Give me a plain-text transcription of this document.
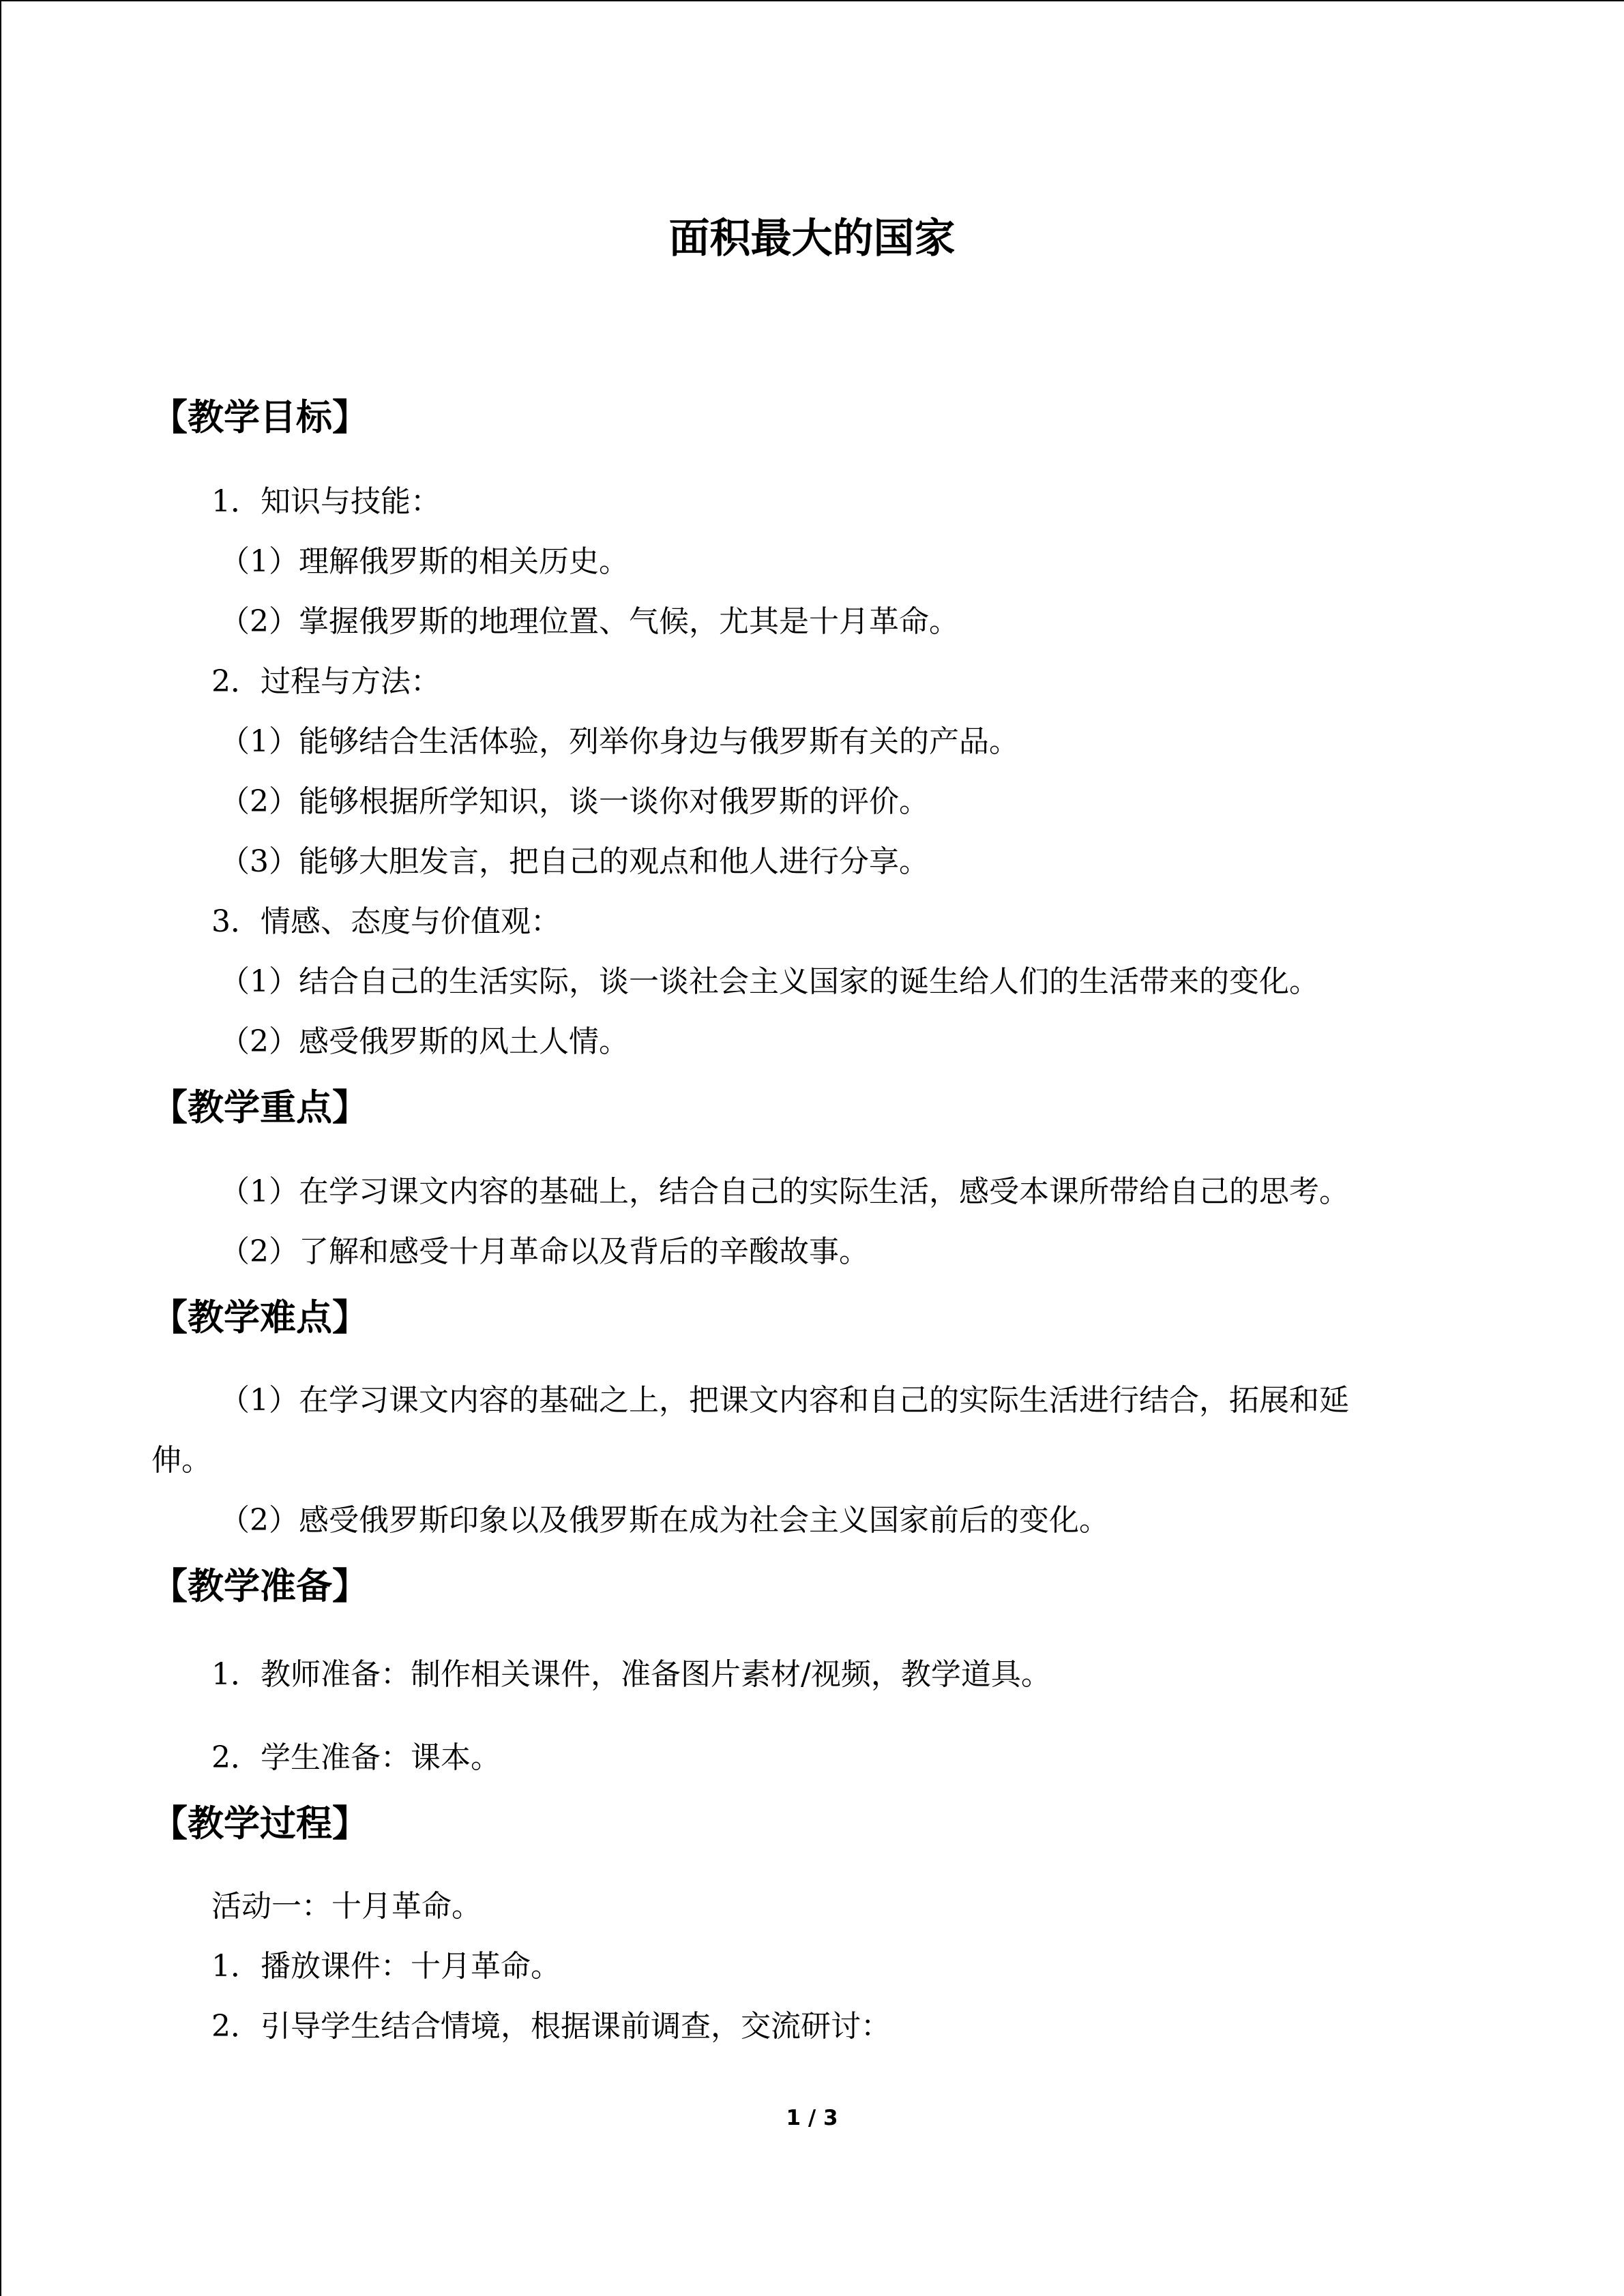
面积最大的国家
【教学目标】
1．知识与技能：
（1）理解俄罗斯的相关历史。
（2）掌握俄罗斯的地理位置、气候，尤其是十月革命。
2．过程与方法：
（1）能够结合生活体验，列举你身边与俄罗斯有关的产品。
（2）能够根据所学知识，谈一谈你对俄罗斯的评价。
（3）能够大胆发言，把自己的观点和他人进行分享。
3．情感、态度与价值观：
（1）结合自己的生活实际，谈一谈社会主义国家的诞生给人们的生活带来的变化。
（2）感受俄罗斯的风土人情。
【教学重点】
（1）在学习课文内容的基础上，结合自己的实际生活，感受本课所带给自己的思考。
（2）了解和感受十月革命以及背后的辛酸故事。
【教学难点】
（1）在学习课文内容的基础之上，把课文内容和自己的实际生活进行结合，拓展和延
伸。
（2）感受俄罗斯印象以及俄罗斯在成为社会主义国家前后的变化。
【教学准备】
1．教师准备：制作相关课件，准备图片素材/视频，教学道具。
2．学生准备：课本。
【教学过程】
活动一：十月革命。
1．播放课件：十月革命。
2．引导学生结合情境，根据课前调查，交流研讨：
1 / 3
